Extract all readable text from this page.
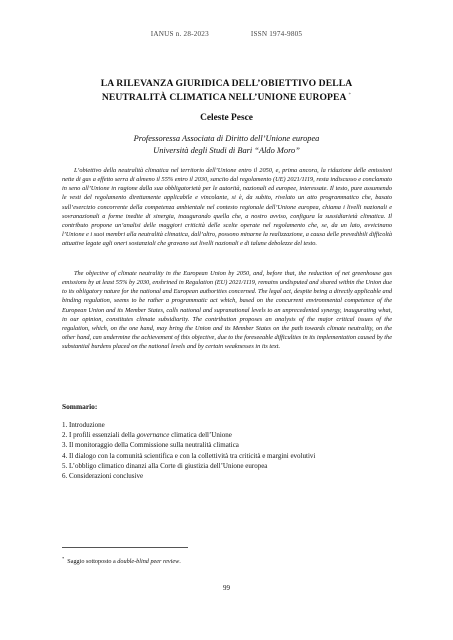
IANUS n. 28-2023	ISSN 1974-9805
LA RILEVANZA GIURIDICA DELL’OBIETTIVO DELLA
NEUTRALITÀ CLIMATICA NELL’UNIONE EUROPEA *
Celeste Pesce
Professoressa Associata di Diritto dell’Unione europea
Università degli Studi di Bari “Aldo Moro”

L’obiettivo della neutralità climatica nel territorio dell’Unione entro il 2050, e, prima ancora, la riduzione delle emissioni nette di gas a effetto serra di almeno il 55% entro il 2030, sancito dal regolamento (UE) 2021/1119, resta indiscusso e conclamato in seno all’Unione in ragione dalla sua obbligatorietà per le autorità, nazionali ed europee, interessate. Il testo, pure assumendo le vesti del regolamento direttamente applicabile e vincolante, si è, da subito, rivelato un atto programmatico che, basato sull’esercizio concorrente della competenza ambientale nel contesto regionale dell’Unione europea, chiama i livelli nazionali e sovranazionali a forme inedite di sinergia, inaugurando quella che, a nostro avviso, configura la sussidiarietà climatica. Il contributo propone un’analisi delle maggiori criticità delle scelte operate nel regolamento che, se, da un lato, avvicinano l’Unione e i suoi membri alla neutralità climatica, dall’altro, possono minarne la realizzazione, a causa delle prevedibili difficoltà attuative legate agli oneri sostanziali che gravano sui livelli nazionali e di talune debolezze del testo.

The objective of climate neutrality in the European Union by 2050, and, before that, the reduction of net greenhouse gas emissions by at least 55% by 2030, enshrined in Regulation (EU) 2021/1119, remains undisputed and shared within the Union due to its obligatory nature for the national and European authorities concerned. The legal act, despite being a directly applicable and binding regulation, seems to be rather a programmatic act which, based on the concurrent environmental competence of the European Union and its Member States, calls national and supranational levels to an unprecedented synergy, inaugurating what, in our opinion, constitutes climate subsidiarity. The contribution proposes an analysis of the major critical issues of the regulation, which, on the one hand, may bring the Union and its Member States on the path towards climate neutrality, on the other hand, can undermine the achievement of this objective, due to the foreseeable difficulties in its implementation caused by the substantial burdens placed on the national levels and by certain weaknesses in its text.

Sommario:
1. Introduzione
2. I profili essenziali della governance climatica dell’Unione
3. Il monitoraggio della Commissione sulla neutralità climatica
4. Il dialogo con la comunità scientifica e con la collettività tra criticità e margini evolutivi
5. L’obbligo climatico dinanzi alla Corte di giustizia dell’Unione europea
6. Considerazioni conclusive
* Saggio sottoposto a double-blind peer review.
99
